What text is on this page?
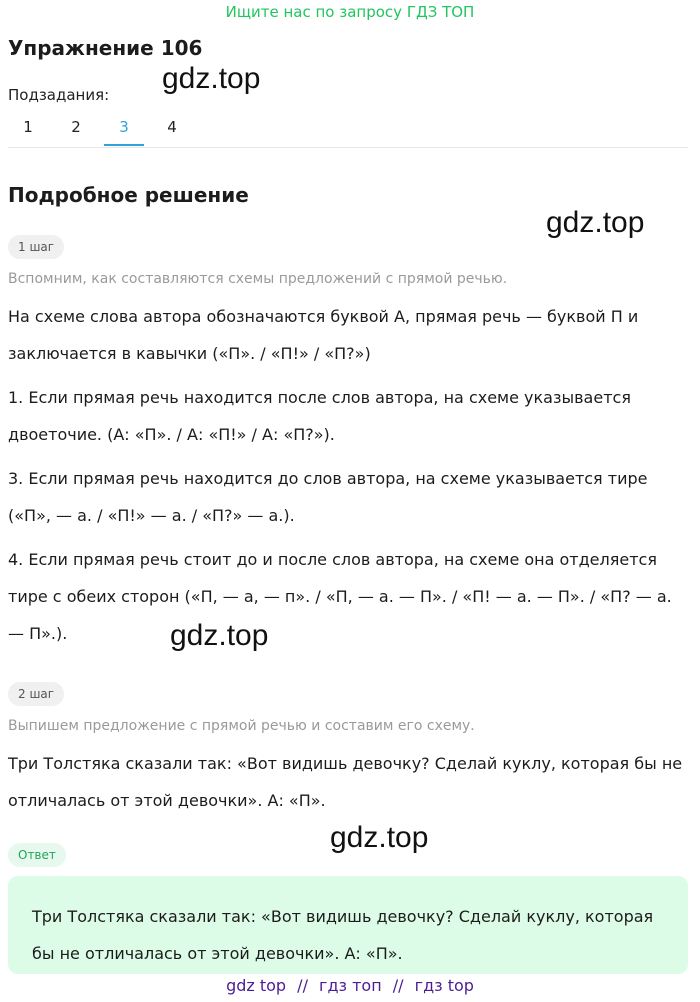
Ищите нас по запросу ГДЗ ТОП
Упражнение 106
gdz.top
Подзадания:
1	2	3	4
Подробное решение
gdz.top
1 шаг
Вспомним, как составляются схемы предложений с прямой речью.
На схеме слова автора обозначаются буквой А, прямая речь — буквой П и заключается в кавычки («П». / «П!» / «П?»)
1. Если прямая речь находится после слов автора, на схеме указывается двоеточие. (А: «П». / А: «П!» / А: «П?»).
3. Если прямая речь находится до слов автора, на схеме указывается тире («П», — а. / «П!» — а. / «П?» — а.).
4. Если прямая речь стоит до и после слов автора, на схеме она отделяется тире с обеих сторон («П, — а, — п». / «П, — а. — П». / «П! — а. — П». / «П? — а. — П».).	gdz.top
2 шаг
Выпишем предложение с прямой речью и составим его схему.
Три Толстяка сказали так: «Вот видишь девочку? Сделай куклу, которая бы не отличалась от этой девочки». А: «П».
gdz.top
Ответ
Три Толстяка сказали так: «Вот видишь девочку? Сделай куклу, которая бы не отличалась от этой девочки». А: «П».
gdz top // гдз топ // гдз top
